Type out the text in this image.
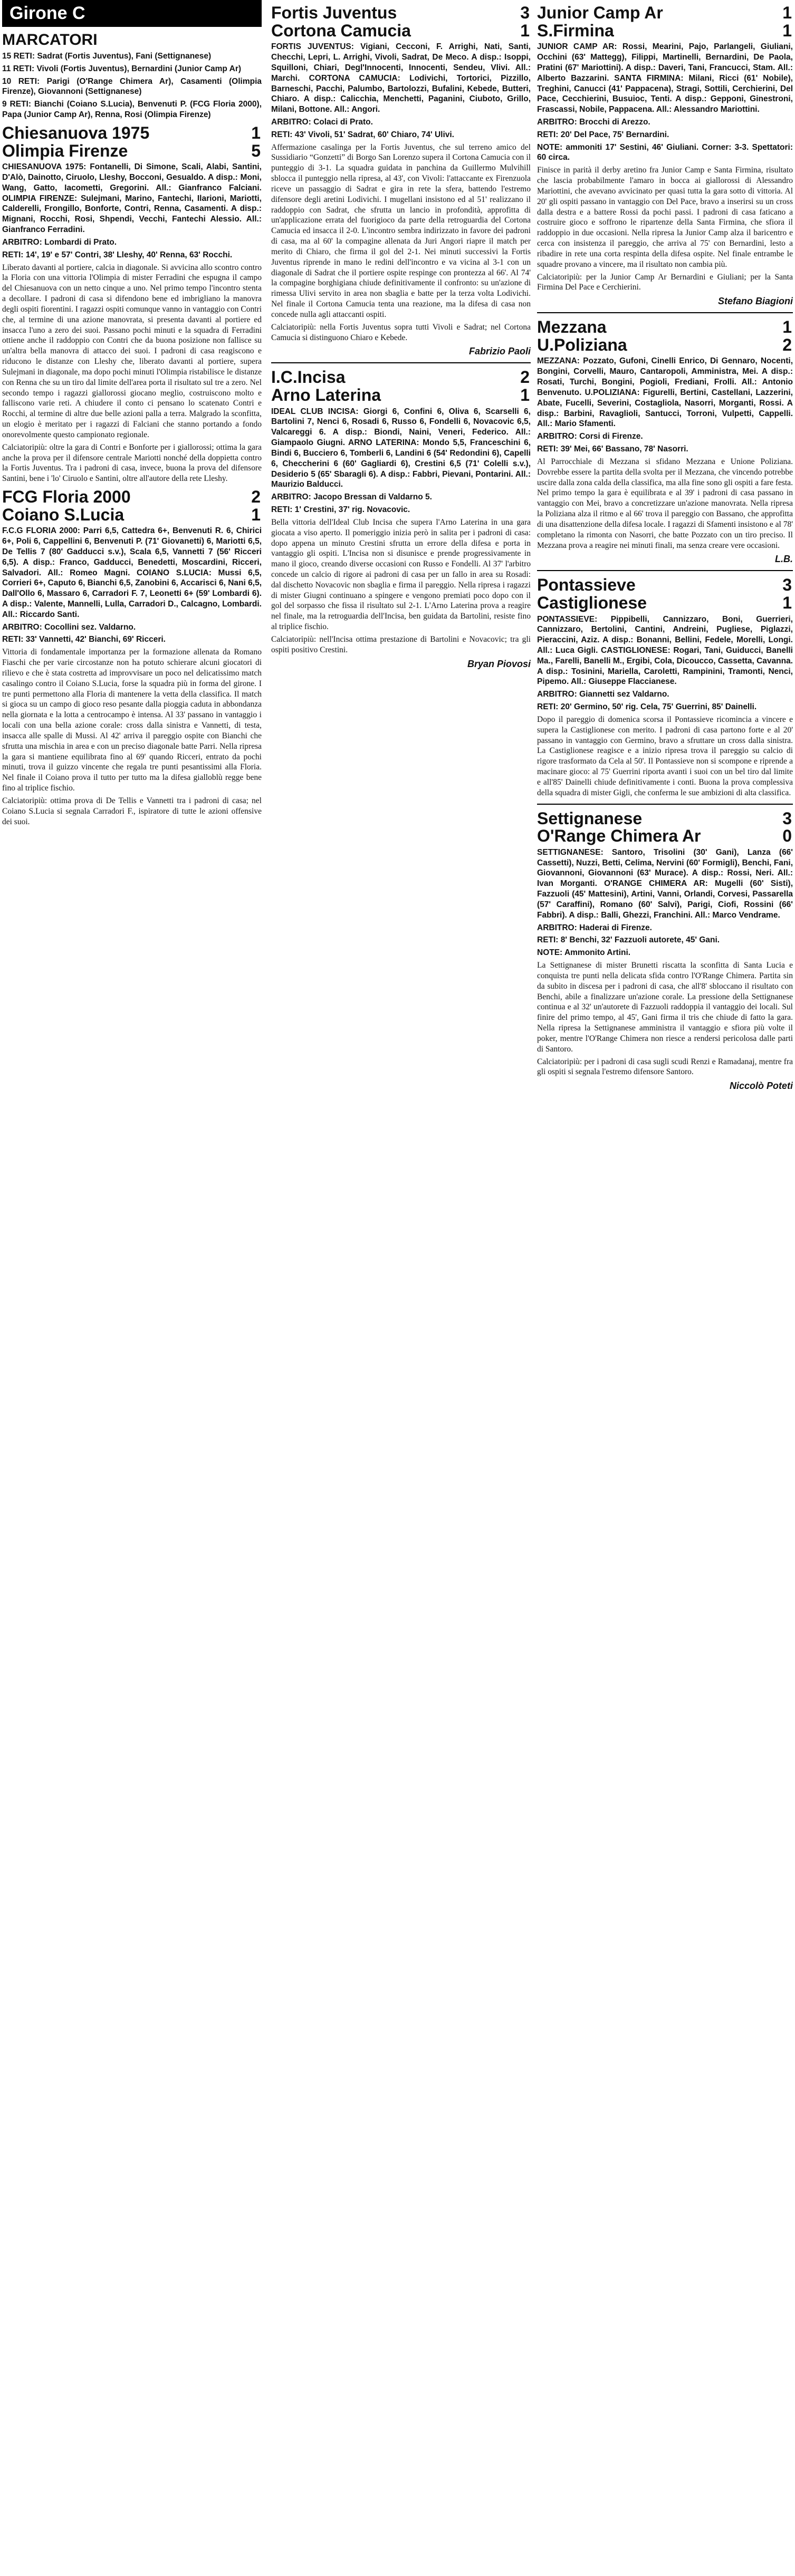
Girone C
MARCATORI

15 RETI: Sadrat (Fortis Juventus), Fani (Settignanese)

11 RETI: Vivoli (Fortis Juventus), Bernardini (Junior Camp Ar)

10 RETI: Parigi (O'Range Chimera Ar), Casamenti (Olimpia Firenze), Giovannoni (Settignanese)

9 RETI: Bianchi (Coiano S.Lucia), Benvenuti P. (FCG Floria 2000), Papa (Junior Camp Ar), Renna, Rosi (Olimpia Firenze)

Chiesanuova 1975	1
Olimpia Firenze	5

CHIESANUOVA 1975: Fontanelli, Di Simone, Scali, Alabi, Santini, D'Alò, Dainotto, Ciruolo, Lleshy, Bocconi, Gesualdo. A disp.: Moni, Wang, Gatto, Iacometti, Gregorini. All.: Gianfranco Falciani. OLIMPIA FIRENZE: Sulejmani, Marino, Fantechi, Ilarioni, Mariotti, Calderelli, Frongillo, Bonforte, Contri, Renna, Casamenti. A disp.: Mignani, Rocchi, Rosi, Shpendi, Vecchi, Fantechi Alessio. All.: Gianfranco Ferradini.

ARBITRO: Lombardi di Prato.

RETI: 14', 19' e 57' Contri, 38' Lleshy, 40' Renna, 63' Rocchi.

Liberato davanti al portiere, calcia in diagonale. Si avvicina allo scontro contro la Floria con una vittoria l'Olimpia di mister Ferradini che espugna il campo del Chiesanuova con un netto cinque a uno. Nel primo tempo l'incontro stenta a decollare. I padroni di casa si difendono bene ed imbrigliano la manovra degli ospiti fiorentini. I ragazzi ospiti comunque vanno in vantaggio con Contri che, al termine di una azione manovrata, si presenta davanti al portiere ed insacca l'uno a zero dei suoi. Passano pochi minuti e la squadra di Ferradini ottiene anche il raddoppio con Contri che da buona posizione non fallisce su un'altra bella manovra di attacco dei suoi. I padroni di casa reagiscono e riducono le distanze con Lleshy che, liberato davanti al portiere, supera Sulejmani in diagonale, ma dopo pochi minuti l'Olimpia ristabilisce le distanze con Renna che su un tiro dal limite dell'area porta il risultato sul tre a zero. Nel secondo tempo i ragazzi giallorossi giocano meglio, costruiscono molto e falliscono varie reti. A chiudere il conto ci pensano lo scatenato Contri e Rocchi, al termine di altre due belle azioni palla a terra. Malgrado la sconfitta, un elogio è meritato per i ragazzi di Falciani che stanno portando a fondo onorevolmente questo campionato regionale.

Calciatoripiù: oltre la gara di Contri e Bonforte per i giallorossi; ottima la gara anche la prova per il difensore centrale Mariotti nonché della doppietta contro la Fortis Juventus. Tra i padroni di casa, invece, buona la prova del difensore Santini, bene i 'lo' Ciruolo e Santini, oltre all'autore della rete Lleshy.

FCG Floria 2000	2
Coiano S.Lucia	1

F.C.G FLORIA 2000: Parri 6,5, Cattedra 6+, Benvenuti R. 6, Chirici 6+, Poli 6, Cappellini 6, Benvenuti P. (71' Giovanetti) 6, Mariotti 6,5, De Tellis 7 (80' Gadducci s.v.), Scala 6,5, Vannetti 7 (56' Ricceri 6,5). A disp.: Franco, Gadducci, Benedetti, Moscardini, Ricceri, Salvadori. All.: Romeo Magni. COIANO S.LUCIA: Mussi 6,5, Corrieri 6+, Caputo 6, Bianchi 6,5, Zanobini 6, Accarisci 6, Nani 6,5, Dall'Ollo 6, Massaro 6, Carradori F. 7, Leonetti 6+ (59' Lombardi 6). A disp.: Valente, Mannelli, Lulla, Carradori D., Calcagno, Lombardi. All.: Riccardo Santi.

ARBITRO: Cocollini sez. Valdarno.

RETI: 33' Vannetti, 42' Bianchi, 69' Ricceri.

Vittoria di fondamentale importanza per la formazione allenata da Romano Fiaschi che per varie circostanze non ha potuto schierare alcuni giocatori di rilievo e che è stata costretta ad improvvisare un poco nel delicatissimo match casalingo contro il Coiano S.Lucia, forse la squadra più in forma del girone. I tre punti permettono alla Floria di mantenere la vetta della classifica. Il match si gioca su un campo di gioco reso pesante dalla pioggia caduta in abbondanza nella giornata e la lotta a centrocampo è intensa. Al 33' passano in vantaggio i locali con una bella azione corale: cross dalla sinistra e Vannetti, di testa, insacca alle spalle di Mussi. Al 42' arriva il pareggio ospite con Bianchi che sfrutta una mischia in area e con un preciso diagonale batte Parri. Nella ripresa la gara si mantiene equilibrata fino al 69' quando Ricceri, entrato da pochi minuti, trova il guizzo vincente che regala tre punti pesantissimi alla Floria. Nel finale il Coiano prova il tutto per tutto ma la difesa gialloblù regge bene fino al triplice fischio.

Calciatoripiù: ottima prova di De Tellis e Vannetti tra i padroni di casa; nel Coiano S.Lucia si segnala Carradori F., ispiratore di tutte le azioni offensive dei suoi.

Fortis Juventus	3
Cortona Camucia	1

FORTIS JUVENTUS: Vigiani, Cecconi, F. Arrighi, Nati, Santi, Checchi, Lepri, L. Arrighi, Vivoli, Sadrat, De Meco. A disp.: Isoppi, Squilloni, Chiari, Degl'Innocenti, Innocenti, Sendeu, Vlivi. All.: Marchi. CORTONA CAMUCIA: Lodivichi, Tortorici, Pizzillo, Barneschi, Pacchi, Palumbo, Bartolozzi, Bufalini, Kebede, Butteri, Chiaro. A disp.: Calicchia, Menchetti, Paganini, Ciuboto, Grillo, Milani, Bottone. All.: Angori.

ARBITRO: Colaci di Prato.

RETI: 43' Vivoli, 51' Sadrat, 60' Chiaro, 74' Ulivi.

Affermazione casalinga per la Fortis Juventus, che sul terreno amico del Sussidiario “Gonzetti” di Borgo San Lorenzo supera il Cortona Camucia con il punteggio di 3-1. La squadra guidata in panchina da Guillermo Mulvihill sblocca il punteggio nella ripresa, al 43', con Vivoli: l'attaccante ex Firenzuola riceve un passaggio di Sadrat e gira in rete la sfera, battendo l'estremo difensore degli aretini Lodivichi. I mugellani insistono ed al 51' realizzano il raddoppio con Sadrat, che sfrutta un lancio in profondità, approfitta di un'applicazione errata del fuorigioco da parte della retroguardia del Cortona Camucia ed insacca il 2-0. L'incontro sembra indirizzato in favore dei padroni di casa, ma al 60' la compagine allenata da Juri Angori riapre il match per merito di Chiaro, che firma il gol del 2-1. Nei minuti successivi la Fortis Juventus riprende in mano le redini dell'incontro e va vicina al 3-1 con un diagonale di Sadrat che il portiere ospite respinge con prontezza al 66'. Al 74' la compagine borghigiana chiude definitivamente il confronto: su un'azione di rimessa Ulivi servito in area non sbaglia e batte per la terza volta Lodivichi. Nel finale il Cortona Camucia tenta una reazione, ma la difesa di casa non concede nulla agli attaccanti ospiti.

Calciatoripiù: nella Fortis Juventus sopra tutti Vivoli e Sadrat; nel Cortona Camucia si distinguono Chiaro e Kebede.

Fabrizio Paoli
I.C.Incisa	2
Arno Laterina	1

IDEAL CLUB INCISA: Giorgi 6, Confini 6, Oliva 6, Scarselli 6, Bartolini 7, Nenci 6, Rosadi 6, Russo 6, Fondelli 6, Novacovic 6,5, Valcareggi 6. A disp.: Biondi, Naini, Veneri, Federico. All.: Giampaolo Giugni. ARNO LATERINA: Mondo 5,5, Franceschini 6, Bindi 6, Bucciero 6, Tomberli 6, Landini 6 (54' Redondini 6), Capelli 6, Checcherini 6 (60' Gagliardi 6), Crestini 6,5 (71' Colelli s.v.), Desiderio 5 (65' Sbaragli 6). A disp.: Fabbri, Pievani, Pontarini. All.: Maurizio Balducci.

ARBITRO: Jacopo Bressan di Valdarno 5.

RETI: 1' Crestini, 37' rig. Novacovic.

Bella vittoria dell'Ideal Club Incisa che supera l'Arno Laterina in una gara giocata a viso aperto. Il pomeriggio inizia però in salita per i padroni di casa: dopo appena un minuto Crestini sfrutta un errore della difesa e porta in vantaggio gli ospiti. L'Incisa non si disunisce e prende progressivamente in mano il gioco, creando diverse occasioni con Russo e Fondelli. Al 37' l'arbitro concede un calcio di rigore ai padroni di casa per un fallo in area su Rosadi: dal dischetto Novacovic non sbaglia e firma il pareggio. Nella ripresa i ragazzi di mister Giugni continuano a spingere e vengono premiati poco dopo con il gol del sorpasso che fissa il risultato sul 2-1. L'Arno Laterina prova a reagire nel finale, ma la retroguardia dell'Incisa, ben guidata da Bartolini, resiste fino al triplice fischio.

Calciatoripiù: nell'Incisa ottima prestazione di Bartolini e Novacovic; tra gli ospiti positivo Crestini.

Bryan Piovosi
Junior Camp Ar	1
S.Firmina	1

JUNIOR CAMP AR: Rossi, Mearini, Pajo, Parlangeli, Giuliani, Occhini (63' Mattegg), Filippi, Martinelli, Bernardini, De Paola, Pratini (67' Mariottini). A disp.: Daveri, Tani, Francucci, Stam. All.: Alberto Bazzarini. SANTA FIRMINA: Milani, Ricci (61' Nobile), Treghini, Canucci (41' Pappacena), Stragi, Sottili, Cerchierini, Del Pace, Cecchierini, Busuioc, Tenti. A disp.: Gepponi, Ginestroni, Frascassi, Nobile, Pappacena. All.: Alessandro Mariottini.

ARBITRO: Brocchi di Arezzo.

RETI: 20' Del Pace, 75' Bernardini.

NOTE: ammoniti 17' Sestini, 46' Giuliani. Corner: 3-3. Spettatori: 60 circa.

Finisce in parità il derby aretino fra Junior Camp e Santa Firmina, risultato che lascia probabilmente l'amaro in bocca ai giallorossi di Alessandro Mariottini, che avevano avvicinato per quasi tutta la gara sotto di vittoria. Al 20' gli ospiti passano in vantaggio con Del Pace, bravo a inserirsi su un cross dalla destra e a battere Rossi da pochi passi. I padroni di casa faticano a costruire gioco e soffrono le ripartenze della Santa Firmina, che sfiora il raddoppio in due occasioni. Nella ripresa la Junior Camp alza il baricentro e cerca con insistenza il pareggio, che arriva al 75' con Bernardini, lesto a ribadire in rete una corta respinta della difesa ospite. Nel finale entrambe le squadre provano a vincere, ma il risultato non cambia più.

Calciatoripiù: per la Junior Camp Ar Bernardini e Giuliani; per la Santa Firmina Del Pace e Cerchierini.

Stefano Biagioni
Mezzana	1
U.Poliziana	2

MEZZANA: Pozzato, Gufoni, Cinelli Enrico, Di Gennaro, Nocenti, Bongini, Corvelli, Mauro, Cantaropoli, Amministra, Mei. A disp.: Rosati, Turchi, Bongini, Pogioli, Frediani, Frolli. All.: Antonio Benvenuto. U.POLIZIANA: Figurelli, Bertini, Castellani, Lazzerini, Abate, Fucelli, Severini, Costagliola, Nasorri, Morganti, Rossi. A disp.: Barbini, Ravaglioli, Santucci, Torroni, Vulpetti, Cappelli. All.: Mario Sfamenti.

ARBITRO: Corsi di Firenze.

RETI: 39' Mei, 66' Bassano, 78' Nasorri.

Al Parrocchiale di Mezzana si sfidano Mezzana e Unione Poliziana. Dovrebbe essere la partita della svolta per il Mezzana, che vincendo potrebbe uscire dalla zona calda della classifica, ma alla fine sono gli ospiti a fare festa. Nel primo tempo la gara è equilibrata e al 39' i padroni di casa passano in vantaggio con Mei, bravo a concretizzare un'azione manovrata. Nella ripresa la Poliziana alza il ritmo e al 66' trova il pareggio con Bassano, che approfitta di una disattenzione della difesa locale. I ragazzi di Sfamenti insistono e al 78' completano la rimonta con Nasorri, che batte Pozzato con un tiro preciso. Il Mezzana prova a reagire nei minuti finali, ma senza creare vere occasioni.

L.B.
Pontassieve	3
Castiglionese	1

PONTASSIEVE: Pippibelli, Cannizzaro, Boni, Guerrieri, Cannizzaro, Bertolini, Cantini, Andreini, Pugliese, Piglazzi, Pieraccini, Aziz. A disp.: Bonanni, Bellini, Fedele, Morelli, Longi. All.: Luca Gigli. CASTIGLIONESE: Rogari, Tani, Guiducci, Banelli Ma., Farelli, Banelli M., Ergibi, Cola, Dicoucco, Cassetta, Cavanna. A disp.: Tosinini, Mariella, Caroletti, Rampinini, Tramonti, Nenci, Pipemo. All.: Giuseppe Flaccianese.

ARBITRO: Giannetti sez Valdarno.

RETI: 20' Germino, 50' rig. Cela, 75' Guerrini, 85' Dainelli.

Dopo il pareggio di domenica scorsa il Pontassieve ricomincia a vincere e supera la Castiglionese con merito. I padroni di casa partono forte e al 20' passano in vantaggio con Germino, bravo a sfruttare un cross dalla sinistra. La Castiglionese reagisce e a inizio ripresa trova il pareggio su calcio di rigore trasformato da Cela al 50'. Il Pontassieve non si scompone e riprende a macinare gioco: al 75' Guerrini riporta avanti i suoi con un bel tiro dal limite e all'85' Dainelli chiude definitivamente i conti. Buona la prova complessiva della squadra di mister Gigli, che conferma le sue ambizioni di alta classifica.

Settignanese	3
O'Range Chimera Ar	0

SETTIGNANESE: Santoro, Trisolini (30' Gani), Lanza (66' Cassetti), Nuzzi, Betti, Celima, Nervini (60' Formigli), Benchi, Fani, Giovannoni, Giovannoni (63' Murace). A disp.: Rossi, Neri. All.: Ivan Morganti. O'RANGE CHIMERA AR: Mugelli (60' Sisti), Fazzuoli (45' Mattesini), Artini, Vanni, Orlandi, Corvesi, Passarella (57' Caraffini), Romano (60' Salvi), Parigi, Ciofi, Rossini (66' Fabbri). A disp.: Balli, Ghezzi, Franchini. All.: Marco Vendrame.

ARBITRO: Haderai di Firenze.

RETI: 8' Benchi, 32' Fazzuoli autorete, 45' Gani.

NOTE: Ammonito Artini.

La Settignanese di mister Brunetti riscatta la sconfitta di Santa Lucia e conquista tre punti nella delicata sfida contro l'O'Range Chimera. Partita sin da subito in discesa per i padroni di casa, che all'8' sbloccano il risultato con Benchi, abile a finalizzare un'azione corale. La pressione della Settignanese continua e al 32' un'autorete di Fazzuoli raddoppia il vantaggio dei locali. Sul finire del primo tempo, al 45', Gani firma il tris che chiude di fatto la gara. Nella ripresa la Settignanese amministra il vantaggio e sfiora più volte il poker, mentre l'O'Range Chimera non riesce a rendersi pericolosa dalle parti di Santoro.

Calciatoripiù: per i padroni di casa sugli scudi Renzi e Ramadanaj, mentre fra gli ospiti si segnala l'estremo difensore Santoro.

Niccolò Poteti
